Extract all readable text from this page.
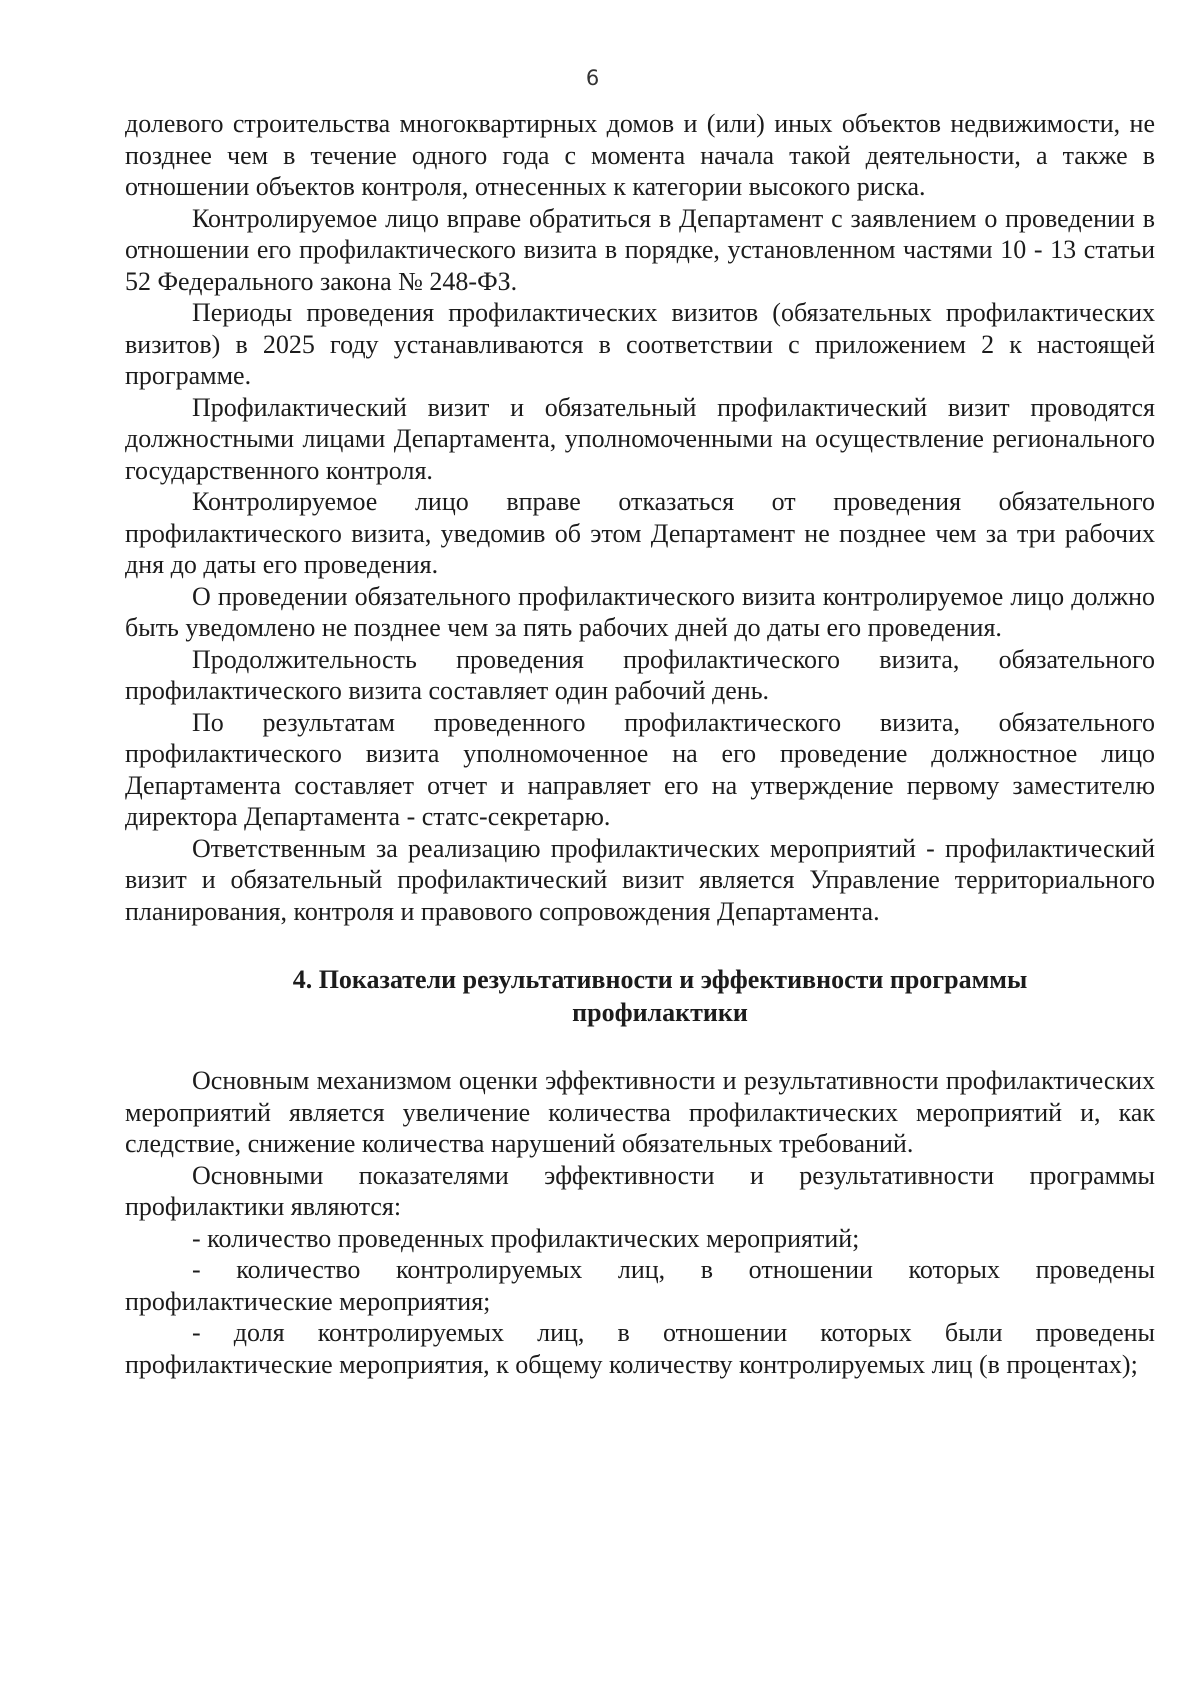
6

долевого строительства многоквартирных домов и (или) иных объектов недвижимости, не позднее чем в течение одного года с момента начала такой деятельности, а также в отношении объектов контроля, отнесенных к категории высокого риска.

Контролируемое лицо вправе обратиться в Департамент с заявлением о проведении в отношении его профилактического визита в порядке, установленном частями 10 - 13 статьи 52 Федерального закона № 248-ФЗ.

Периоды проведения профилактических визитов (обязательных профилактических визитов) в 2025 году устанавливаются в соответствии с приложением 2 к настоящей программе.

Профилактический визит и обязательный профилактический визит проводятся должностными лицами Департамента, уполномоченными на осуществление регионального государственного контроля.

Контролируемое лицо вправе отказаться от проведения обязательного профилактического визита, уведомив об этом Департамент не позднее чем за три рабочих дня до даты его проведения.

О проведении обязательного профилактического визита контролируемое лицо должно быть уведомлено не позднее чем за пять рабочих дней до даты его проведения.

Продолжительность проведения профилактического визита, обязательного профилактического визита составляет один рабочий день.

По результатам проведенного профилактического визита, обязательного профилактического визита уполномоченное на его проведение должностное лицо Департамента составляет отчет и направляет его на утверждение первому заместителю директора Департамента - статс-секретарю.

Ответственным за реализацию профилактических мероприятий - профилактический визит и обязательный профилактический визит является Управление территориального планирования, контроля и правового сопровождения Департамента.

4. Показатели результативности и эффективности программы
профилактики

Основным механизмом оценки эффективности и результативности профилактических мероприятий является увеличение количества профилактических мероприятий и, как следствие, снижение количества нарушений обязательных требований.

Основными показателями эффективности и результативности программы профилактики являются:

- количество проведенных профилактических мероприятий;

- количество контролируемых лиц, в отношении которых проведены профилактические мероприятия;

- доля контролируемых лиц, в отношении которых были проведены профилактические мероприятия, к общему количеству контролируемых лиц (в процентах);
